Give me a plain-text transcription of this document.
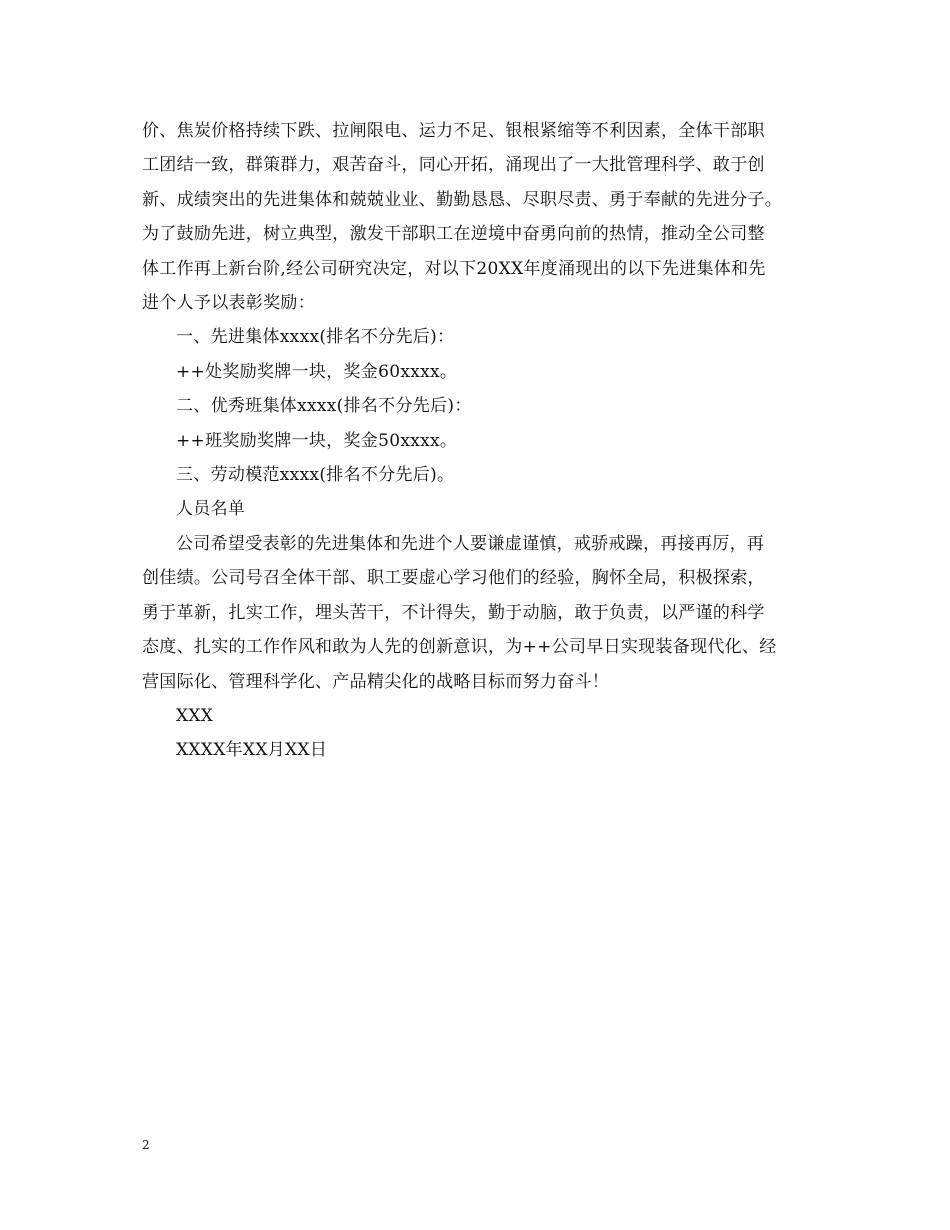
价、焦炭价格持续下跌、拉闸限电、运力不足、银根紧缩等不利因素，全体干部职
工团结一致，群策群力，艰苦奋斗，同心开拓，涌现出了一大批管理科学、敢于创
新、成绩突出的先进集体和兢兢业业、勤勤恳恳、尽职尽责、勇于奉献的先进分子。
为了鼓励先进，树立典型，激发干部职工在逆境中奋勇向前的热情，推动全公司整
体工作再上新台阶,经公司研究决定，对以下20XX年度涌现出的以下先进集体和先
进个人予以表彰奖励：

一、先进集体xxxx(排名不分先后)：

++处奖励奖牌一块，奖金60xxxx。

二、优秀班集体xxxx(排名不分先后)：

++班奖励奖牌一块，奖金50xxxx。

三、劳动模范xxxx(排名不分先后)。

人员名单

公司希望受表彰的先进集体和先进个人要谦虚谨慎，戒骄戒躁，再接再厉，再
创佳绩。公司号召全体干部、职工要虚心学习他们的经验，胸怀全局，积极探索，
勇于革新，扎实工作，埋头苦干，不计得失，勤于动脑，敢于负责，以严谨的科学
态度、扎实的工作作风和敢为人先的创新意识，为++公司早日实现装备现代化、经
营国际化、管理科学化、产品精尖化的战略目标而努力奋斗！

XXX

XXXX年XX月XX日

2
